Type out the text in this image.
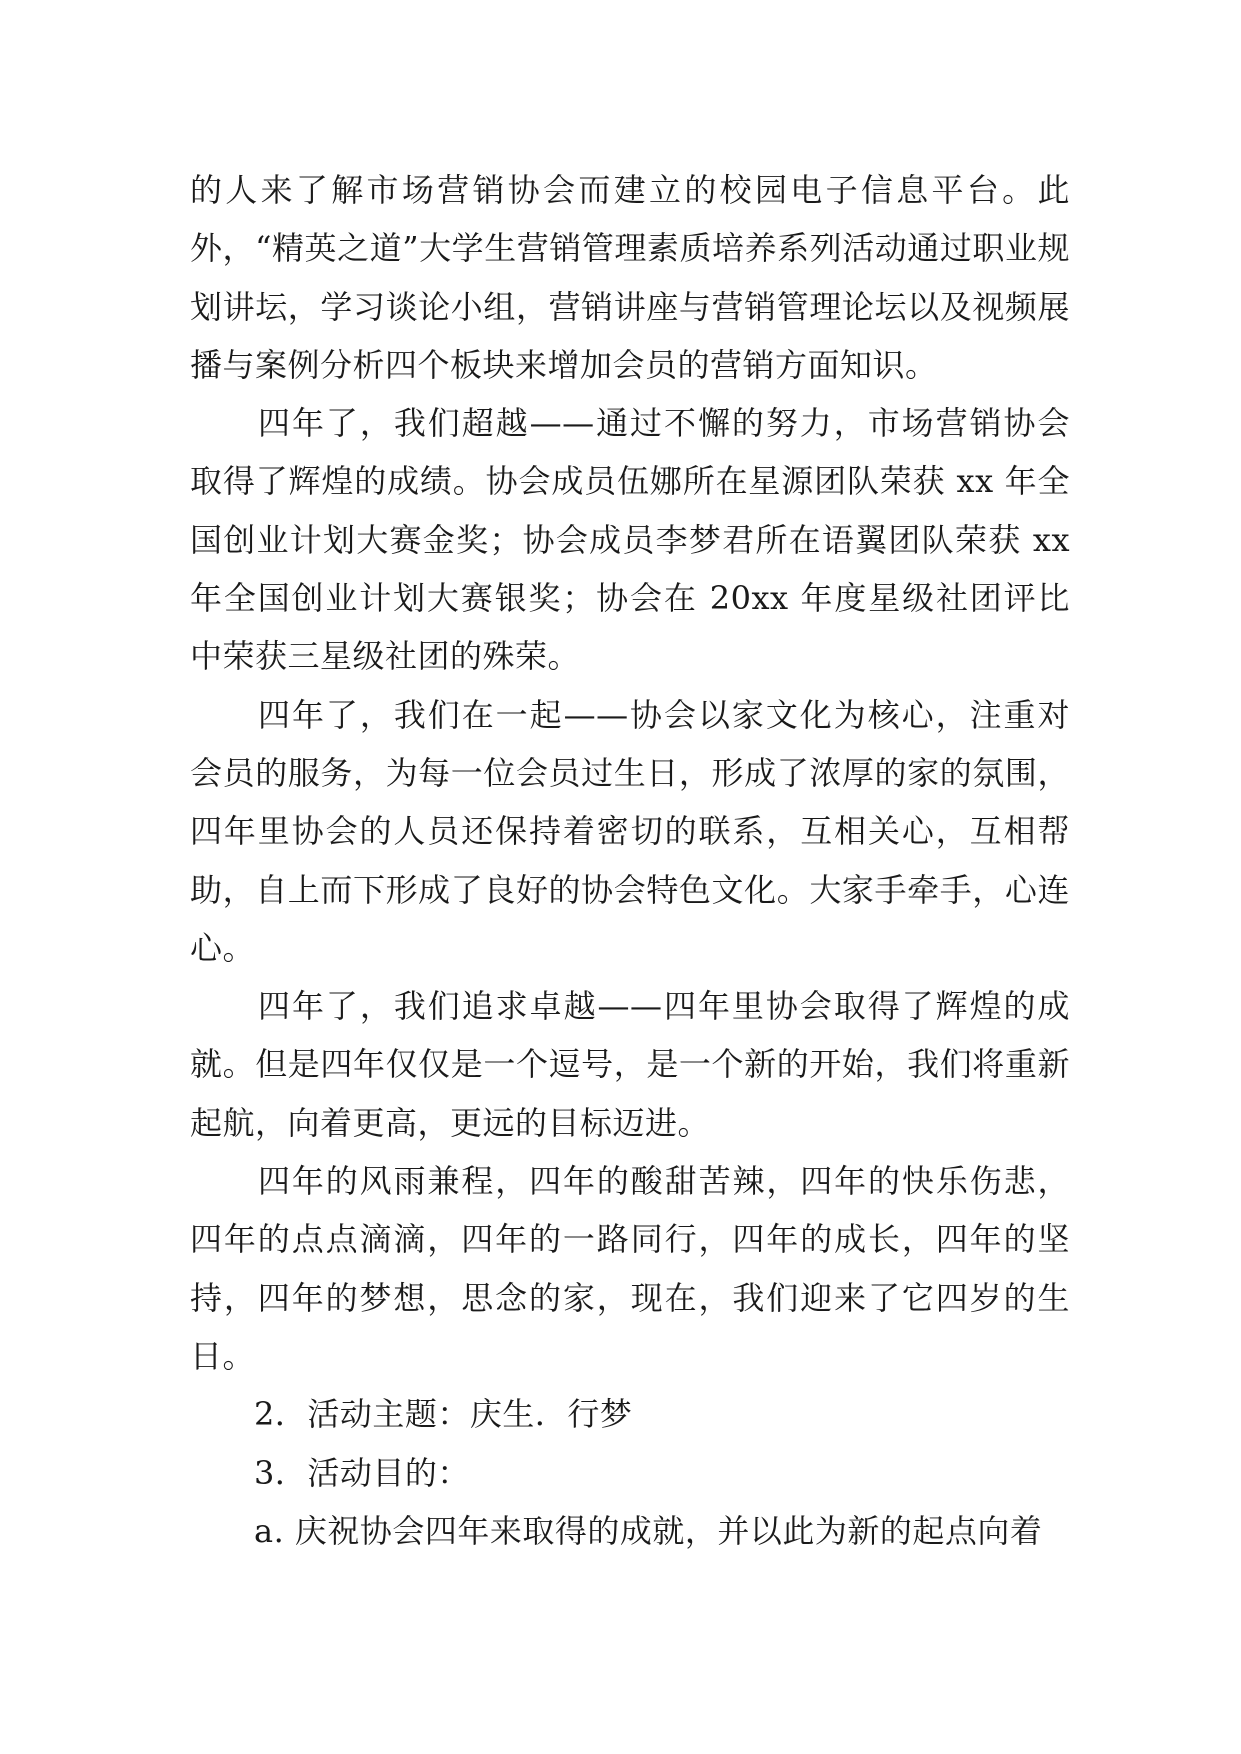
的人来了解市场营销协会而建立的校园电子信息平台。此外，“精英之道”大学生营销管理素质培养系列活动通过职业规划讲坛，学习谈论小组，营销讲座与营销管理论坛以及视频展播与案例分析四个板块来增加会员的营销方面知识。

四年了，我们超越——通过不懈的努力，市场营销协会取得了辉煌的成绩。协会成员伍娜所在星源团队荣获 xx 年全国创业计划大赛金奖；协会成员李梦君所在语翼团队荣获 xx 年全国创业计划大赛银奖；协会在 20xx 年度星级社团评比中荣获三星级社团的殊荣。

四年了，我们在一起——协会以家文化为核心，注重对会员的服务，为每一位会员过生日，形成了浓厚的家的氛围，四年里协会的人员还保持着密切的联系，互相关心，互相帮助，自上而下形成了良好的协会特色文化。大家手牵手，心连心。

四年了，我们追求卓越——四年里协会取得了辉煌的成就。但是四年仅仅是一个逗号，是一个新的开始，我们将重新起航，向着更高，更远的目标迈进。

四年的风雨兼程，四年的酸甜苦辣，四年的快乐伤悲，四年的点点滴滴，四年的一路同行，四年的成长，四年的坚持，四年的梦想，思念的家，现在，我们迎来了它四岁的生日。

2．活动主题：庆生．行梦

3．活动目的：

a. 庆祝协会四年来取得的成就，并以此为新的起点向着
